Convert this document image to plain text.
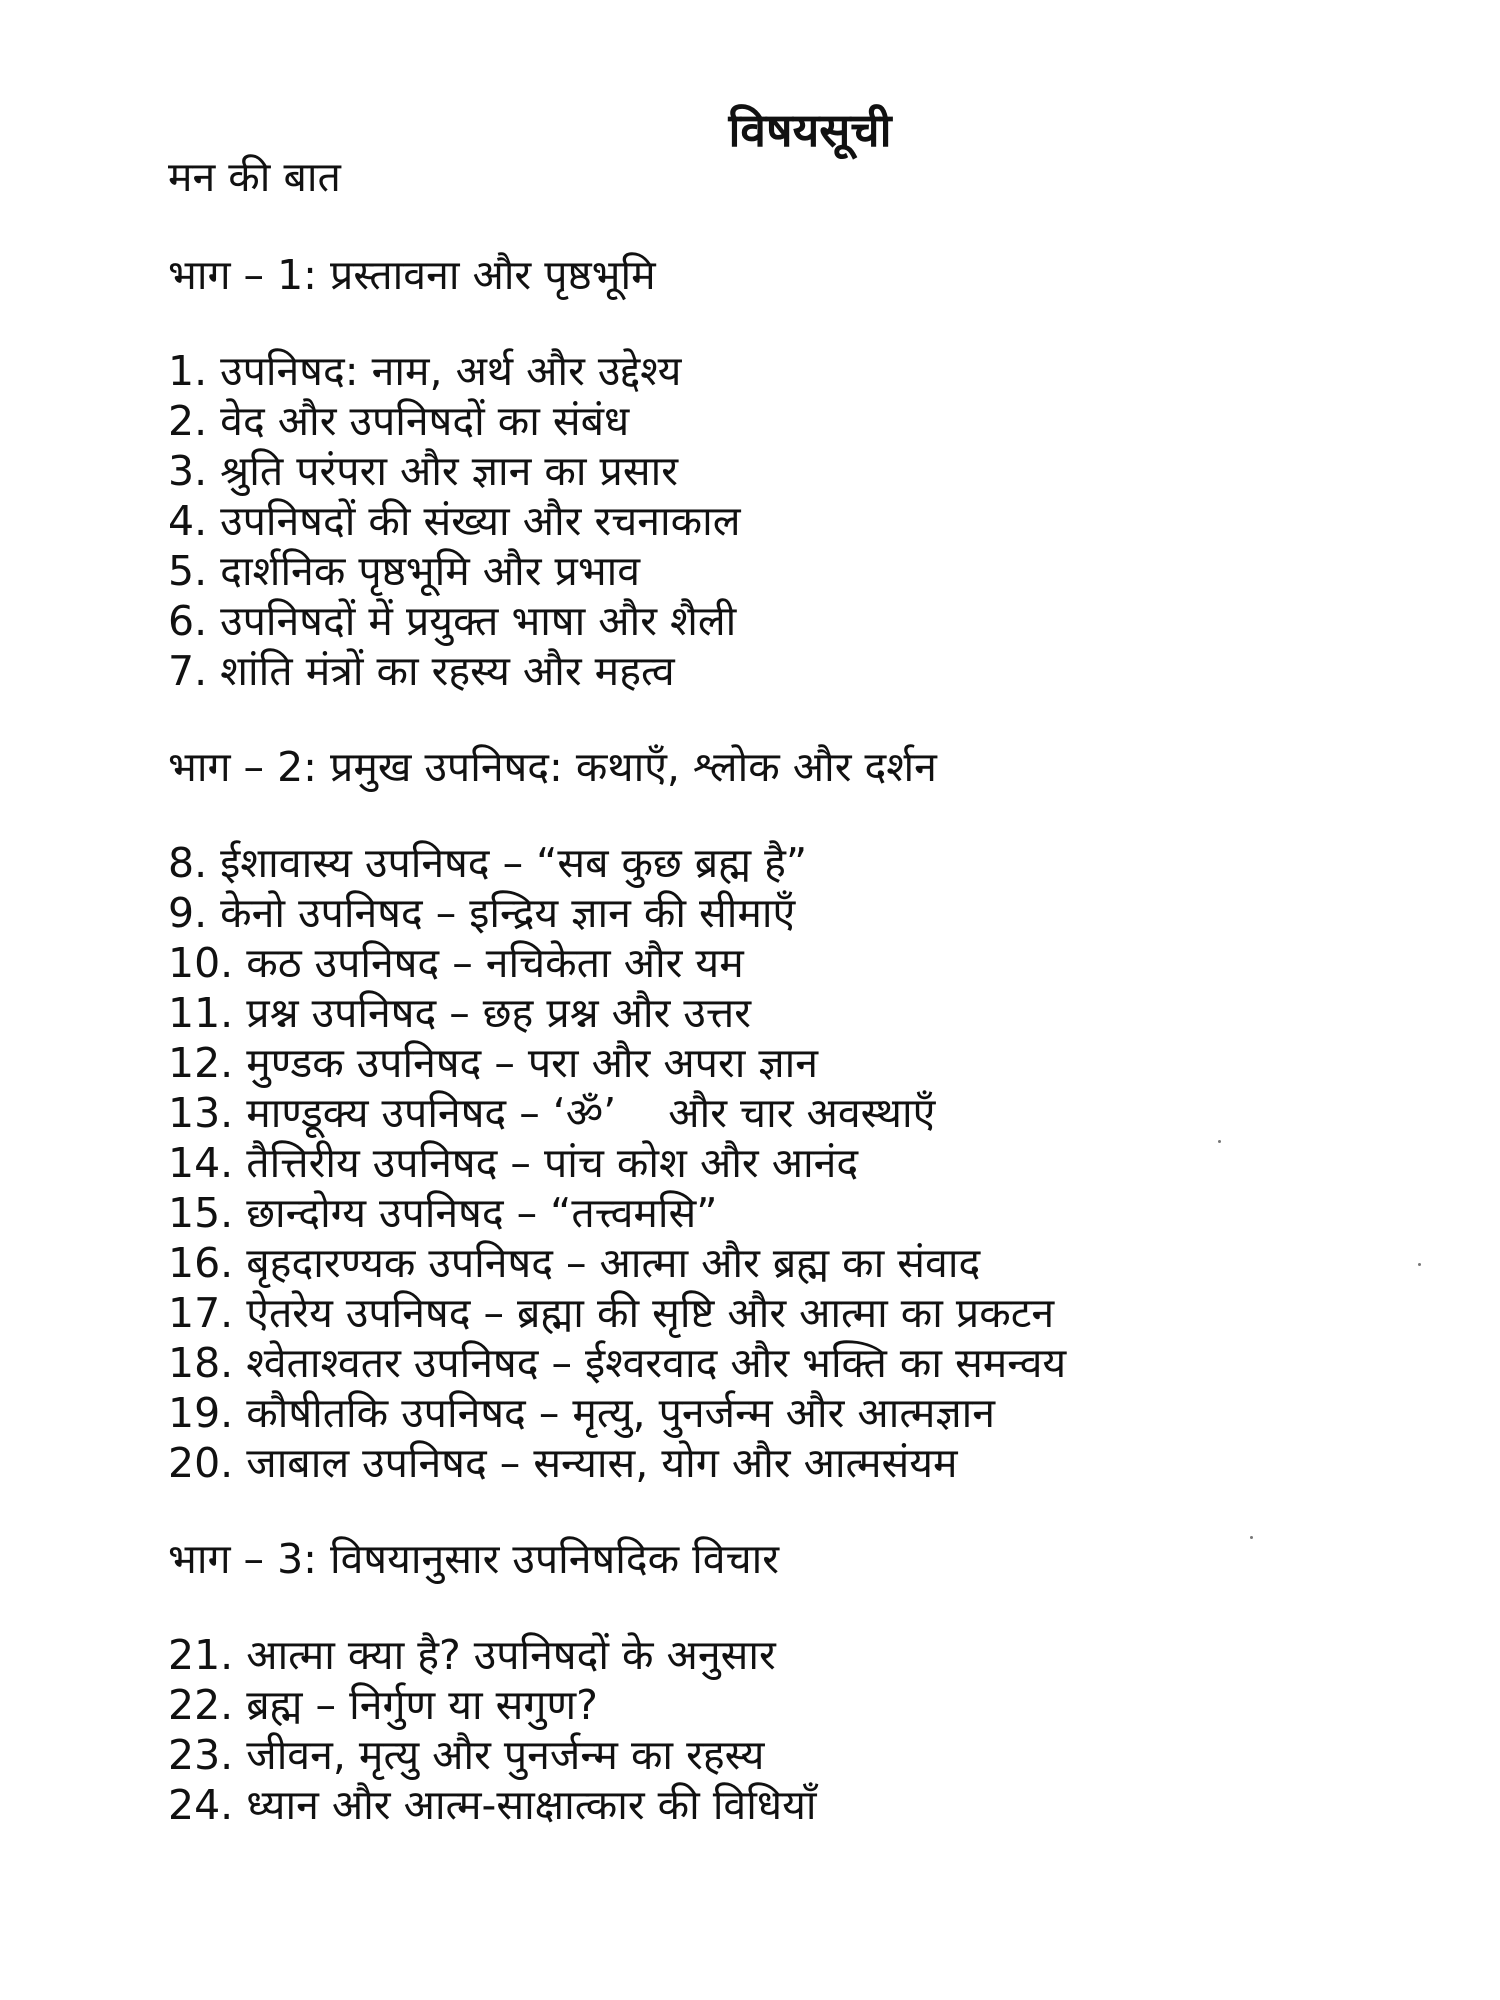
विषयसूची
मन की बात
भाग – 1: प्रस्तावना और पृष्ठभूमि
1. उपनिषद: नाम, अर्थ और उद्देश्य
2. वेद और उपनिषदों का संबंध
3. श्रुति परंपरा और ज्ञान का प्रसार
4. उपनिषदों की संख्या और रचनाकाल
5. दार्शनिक पृष्ठभूमि और प्रभाव
6. उपनिषदों में प्रयुक्त भाषा और शैली
7. शांति मंत्रों का रहस्य और महत्व
भाग – 2: प्रमुख उपनिषद: कथाएँ, श्लोक और दर्शन
8. ईशावास्य उपनिषद – “सब कुछ ब्रह्म है”
9. केनो उपनिषद – इन्द्रिय ज्ञान की सीमाएँ
10. कठ उपनिषद – नचिकेता और यम
11. प्रश्न उपनिषद – छह प्रश्न और उत्तर
12. मुण्डक उपनिषद – परा और अपरा ज्ञान
13. माण्डूक्य उपनिषद – ‘ॐ’    और चार अवस्थाएँ
14. तैत्तिरीय उपनिषद – पांच कोश और आनंद
15. छान्दोग्य उपनिषद – “तत्त्वमसि”
16. बृहदारण्यक उपनिषद – आत्मा और ब्रह्म का संवाद
17. ऐतरेय उपनिषद – ब्रह्मा की सृष्टि और आत्मा का प्रकटन
18. श्वेताश्वतर उपनिषद – ईश्वरवाद और भक्ति का समन्वय
19. कौषीतकि उपनिषद – मृत्यु, पुनर्जन्म और आत्मज्ञान
20. जाबाल उपनिषद – सन्यास, योग और आत्मसंयम
भाग – 3: विषयानुसार उपनिषदिक विचार
21. आत्मा क्या है? उपनिषदों के अनुसार
22. ब्रह्म – निर्गुण या सगुण?
23. जीवन, मृत्यु और पुनर्जन्म का रहस्य
24. ध्यान और आत्म-साक्षात्कार की विधियाँ
